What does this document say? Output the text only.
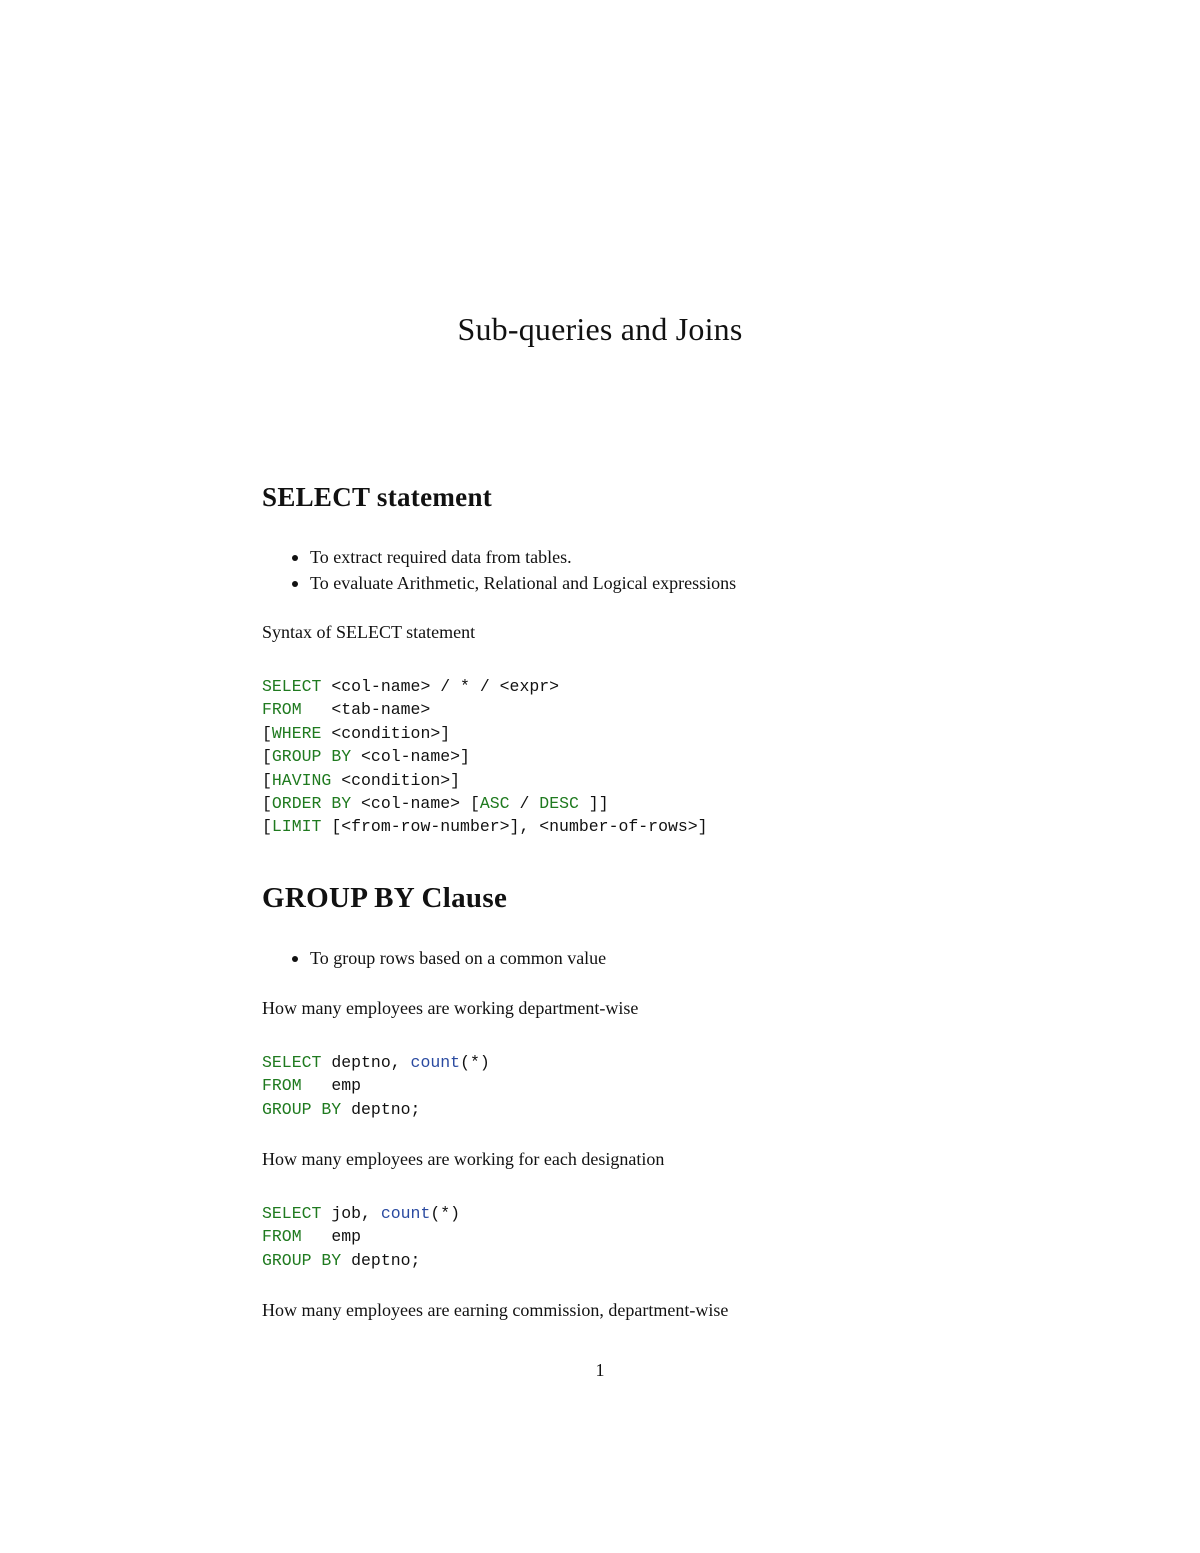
Sub-queries and Joins
SELECT statement
To extract required data from tables.
To evaluate Arithmetic, Relational and Logical expressions

Syntax of SELECT statement

SELECT <col-name> / * / <expr>
FROM   <tab-name>
[WHERE <condition>]
[GROUP BY <col-name>]
[HAVING <condition>]
[ORDER BY <col-name> [ASC / DESC ]]
[LIMIT [<from-row-number>], <number-of-rows>]
GROUP BY Clause
To group rows based on a common value

How many employees are working department-wise

SELECT deptno, count(*)
FROM   emp
GROUP BY deptno;

How many employees are working for each designation

SELECT job, count(*)
FROM   emp
GROUP BY deptno;

How many employees are earning commission, department-wise

1
